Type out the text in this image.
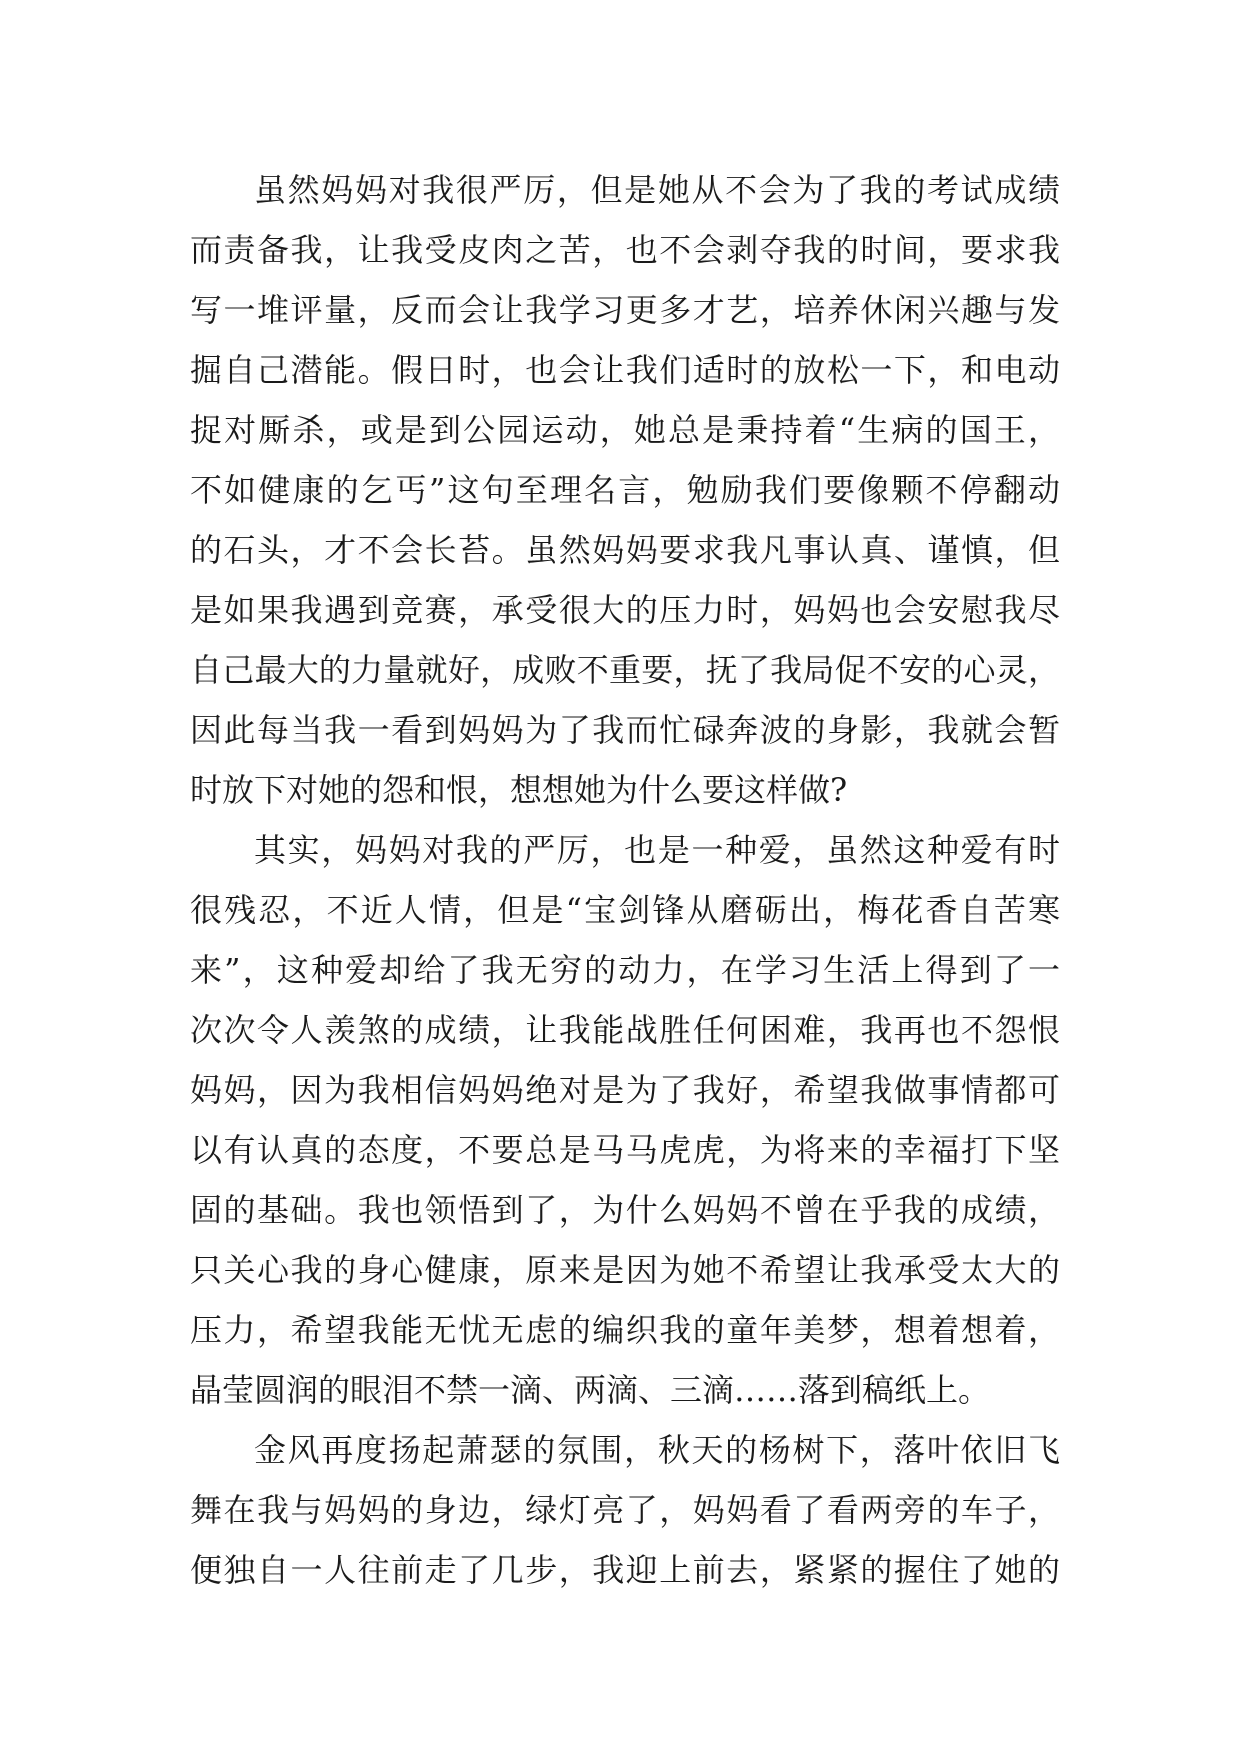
虽然妈妈对我很严厉，但是她从不会为了我的考试成绩
而责备我，让我受皮肉之苦，也不会剥夺我的时间，要求我
写一堆评量，反而会让我学习更多才艺，培养休闲兴趣与发
掘自己潜能。假日时，也会让我们适时的放松一下，和电动
捉对厮杀，或是到公园运动，她总是秉持着“生病的国王，
不如健康的乞丐”这句至理名言，勉励我们要像颗不停翻动
的石头，才不会长苔。虽然妈妈要求我凡事认真、谨慎，但
是如果我遇到竞赛，承受很大的压力时，妈妈也会安慰我尽
自己最大的力量就好，成败不重要，抚了我局促不安的心灵，
因此每当我一看到妈妈为了我而忙碌奔波的身影，我就会暂
时放下对她的怨和恨，想想她为什么要这样做?
其实，妈妈对我的严厉，也是一种爱，虽然这种爱有时
很残忍，不近人情，但是“宝剑锋从磨砺出，梅花香自苦寒
来”，这种爱却给了我无穷的动力，在学习生活上得到了一
次次令人羡煞的成绩，让我能战胜任何困难，我再也不怨恨
妈妈，因为我相信妈妈绝对是为了我好，希望我做事情都可
以有认真的态度，不要总是马马虎虎，为将来的幸福打下坚
固的基础。我也领悟到了，为什么妈妈不曾在乎我的成绩，
只关心我的身心健康，原来是因为她不希望让我承受太大的
压力，希望我能无忧无虑的编织我的童年美梦，想着想着，
晶莹圆润的眼泪不禁一滴、两滴、三滴……落到稿纸上。
金风再度扬起萧瑟的氛围，秋天的杨树下，落叶依旧飞
舞在我与妈妈的身边，绿灯亮了，妈妈看了看两旁的车子，
便独自一人往前走了几步，我迎上前去，紧紧的握住了她的
